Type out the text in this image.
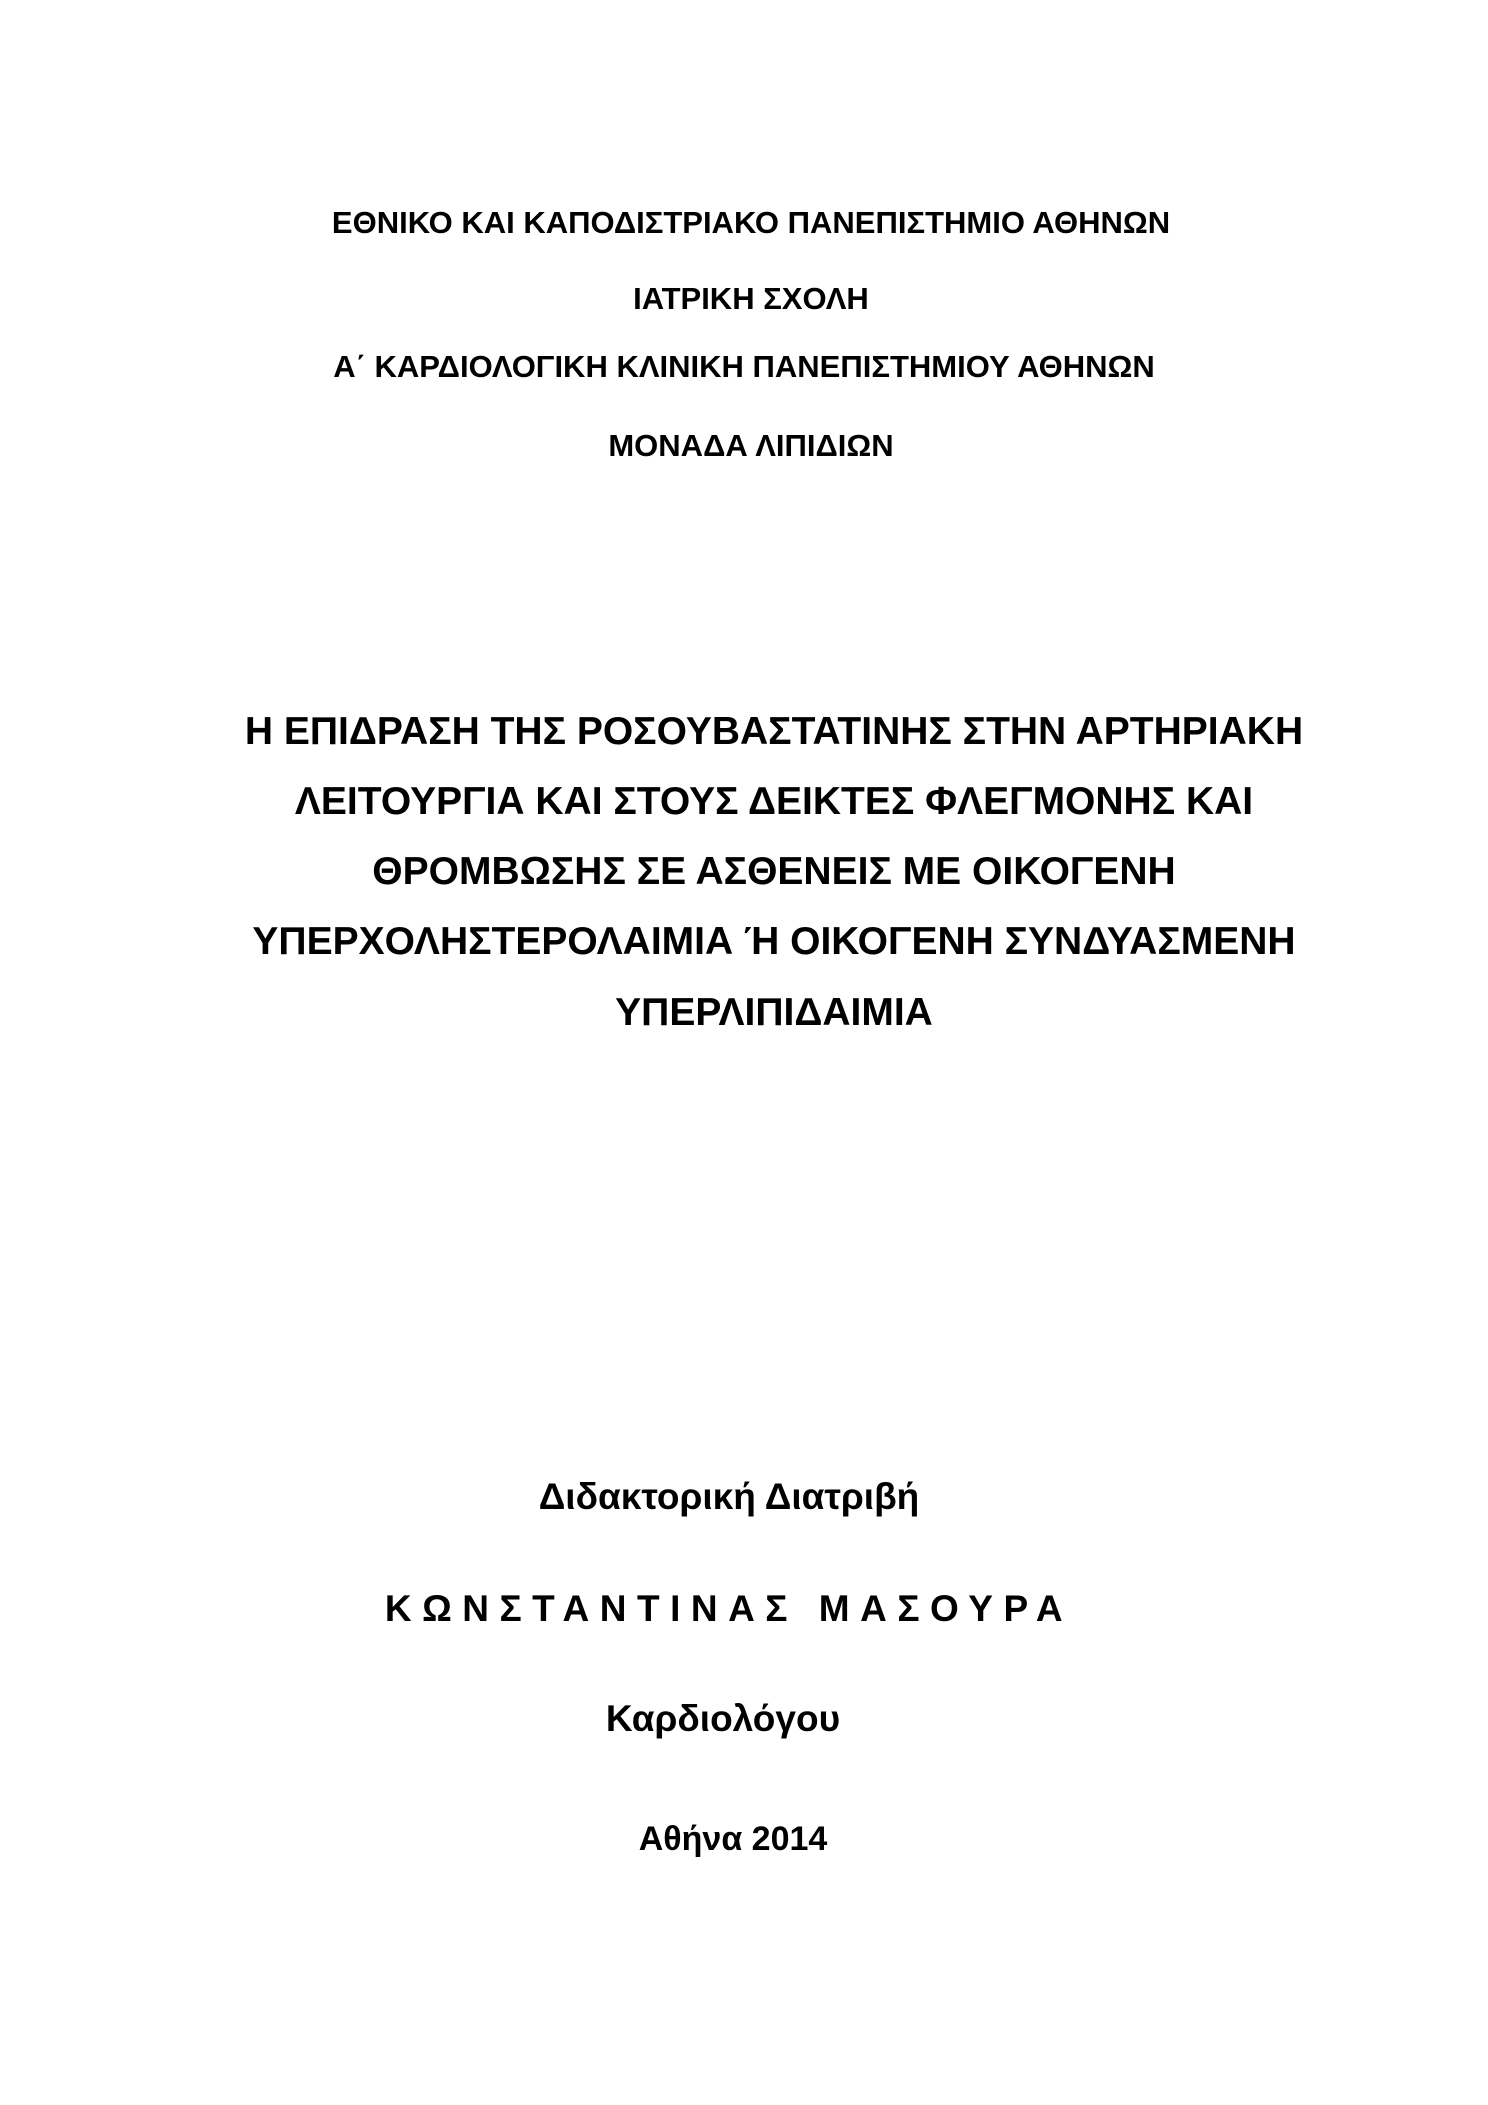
ΕΘΝΙΚΟ ΚΑΙ ΚΑΠΟΔΙΣΤΡΙΑΚΟ ΠΑΝΕΠΙΣΤΗΜΙΟ ΑΘΗΝΩΝ
ΙΑΤΡΙΚΗ ΣΧΟΛΗ
Α΄ ΚΑΡΔΙΟΛΟΓΙΚΗ ΚΛΙΝΙΚΗ ΠΑΝΕΠΙΣΤΗΜΙΟΥ ΑΘΗΝΩΝ
ΜΟΝΑΔΑ ΛΙΠΙΔΙΩΝ
Η ΕΠΙΔΡΑΣΗ ΤΗΣ ΡΟΣΟΥΒΑΣΤΑΤΙΝΗΣ ΣΤΗΝ ΑΡΤΗΡΙΑΚΗ
ΛΕΙΤΟΥΡΓΙΑ ΚΑΙ ΣΤΟΥΣ ΔΕΙΚΤΕΣ ΦΛΕΓΜΟΝΗΣ ΚΑΙ
ΘΡΟΜΒΩΣΗΣ ΣΕ ΑΣΘΕΝΕΙΣ ΜΕ ΟΙΚΟΓΕΝΗ
ΥΠΕΡΧΟΛΗΣΤΕΡΟΛΑΙΜΙΑ Ή ΟΙΚΟΓΕΝΗ ΣΥΝΔΥΑΣΜΕΝΗ
ΥΠΕΡΛΙΠΙΔΑΙΜΙΑ
Διδακτορική Διατριβή
ΚΩΝΣΤΑΝΤΙΝΑΣ ΜΑΣΟΥΡΑ
Καρδιολόγου
Αθήνα 2014
